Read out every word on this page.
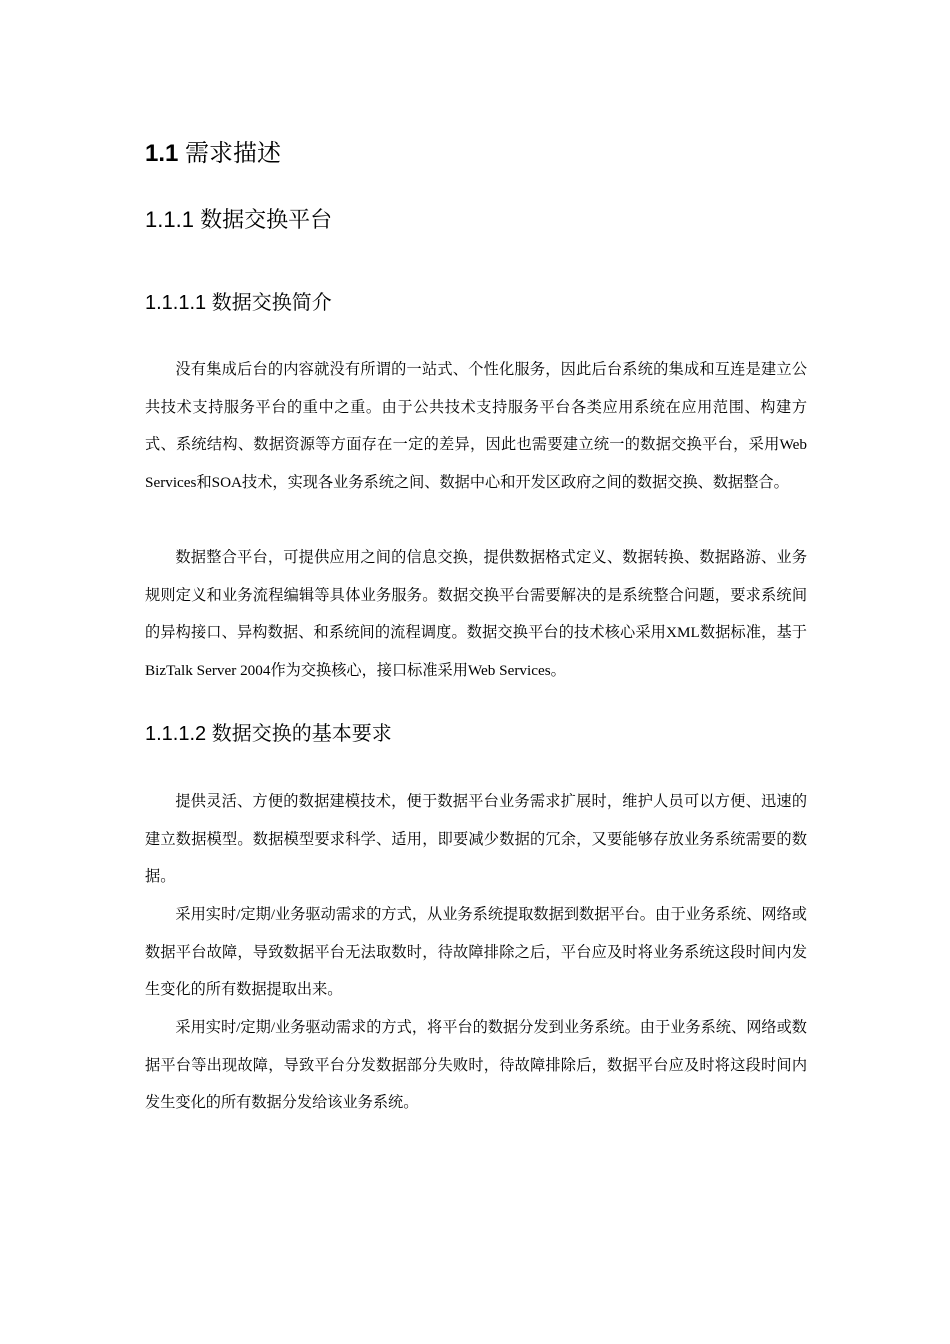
1.1 需求描述
1.1.1 数据交换平台
1.1.1.1 数据交换简介

没有集成后台的内容就没有所谓的一站式、个性化服务，因此后台系统的集成和互连是建立公共技术支持服务平台的重中之重。由于公共技术支持服务平台各类应用系统在应用范围、构建方式、系统结构、数据资源等方面存在一定的差异，因此也需要建立统一的数据交换平台，采用Web Services和SOA技术，实现各业务系统之间、数据中心和开发区政府之间的数据交换、数据整合。

数据整合平台，可提供应用之间的信息交换，提供数据格式定义、数据转换、数据路游、业务规则定义和业务流程编辑等具体业务服务。数据交换平台需要解决的是系统整合问题，要求系统间的异构接口、异构数据、和系统间的流程调度。数据交换平台的技术核心采用XML数据标准，基于BizTalk Server 2004作为交换核心，接口标准采用Web Services。

1.1.1.2 数据交换的基本要求

提供灵活、方便的数据建模技术，便于数据平台业务需求扩展时，维护人员可以方便、迅速的建立数据模型。数据模型要求科学、适用，即要减少数据的冗余，又要能够存放业务系统需要的数据。

采用实时/定期/业务驱动需求的方式，从业务系统提取数据到数据平台。由于业务系统、网络或数据平台故障，导致数据平台无法取数时，待故障排除之后，平台应及时将业务系统这段时间内发生变化的所有数据提取出来。

采用实时/定期/业务驱动需求的方式，将平台的数据分发到业务系统。由于业务系统、网络或数据平台等出现故障，导致平台分发数据部分失败时，待故障排除后，数据平台应及时将这段时间内发生变化的所有数据分发给该业务系统。
